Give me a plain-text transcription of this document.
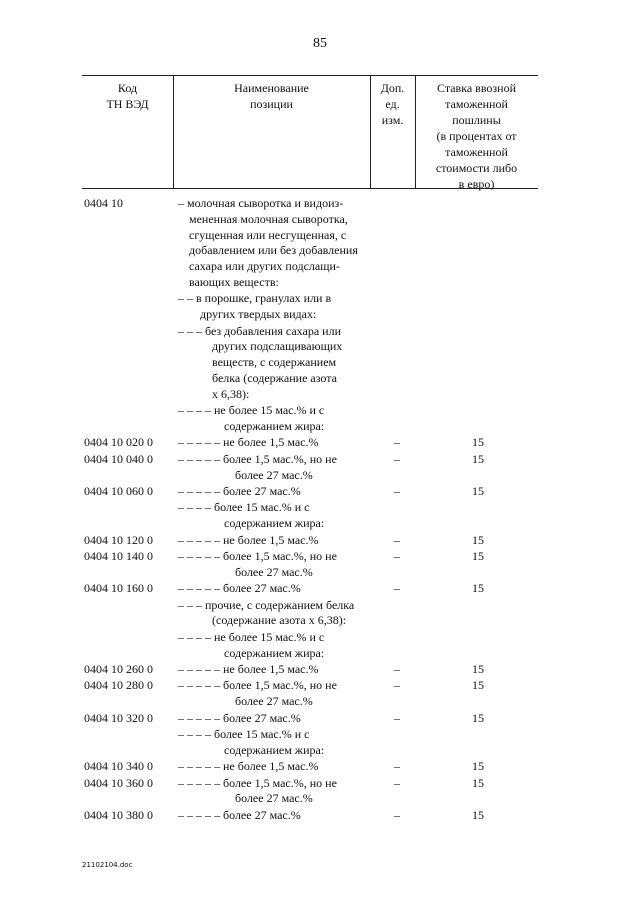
85
Код
ТН ВЭД
Наименование
позиции
Доп.
ед.
изм.
Ставка ввозной
таможенной
пошлины
(в процентах от
таможенной
стоимости либо
в евро)
0404 10	– молочная сыворотка и видоиз-
мененная молочная сыворотка,
сгущенная или несгущенная, с
добавлением или без добавления
сахара или других подслащи-
вающих веществ:
– – в порошке, гранулах или в
других твердых видах:
– – – без добавления сахара или
других подслащивающих
веществ, с содержанием
белка (содержание азота
x 6,38):
– – – – не более 15 мас.% и с
содержанием жира:
0404 10 020 0 – – – – – не более 1,5 мас.%	–	15
0404 10 040 0 – – – – – более 1,5 мас.%, но не
более 27 мас.%
–	15
0404 10 060 0 – – – – – более 27 мас.%	–	15
– – – – более 15 мас.% и с
содержанием жира:
0404 10 120 0 – – – – – не более 1,5 мас.%	–	15
0404 10 140 0 – – – – – более 1,5 мас.%, но не
более 27 мас.%
–	15
0404 10 160 0 – – – – – более 27 мас.%	–	15
– – – прочие, с содержанием белка
(содержание азота x 6,38):
– – – – не более 15 мас.% и с
содержанием жира:
0404 10 260 0 – – – – – не более 1,5 мас.%	–	15
0404 10 280 0 – – – – – более 1,5 мас.%, но не
более 27 мас.%
–	15
0404 10 320 0 – – – – – более 27 мас.%	–	15
– – – – более 15 мас.% и с
содержанием жира:
0404 10 340 0 – – – – – не более 1,5 мас.%	–	15
0404 10 360 0 – – – – – более 1,5 мас.%, но не
более 27 мас.%
–	15
0404 10 380 0 – – – – – более 27 мас.%	–	15
21102104.doc
